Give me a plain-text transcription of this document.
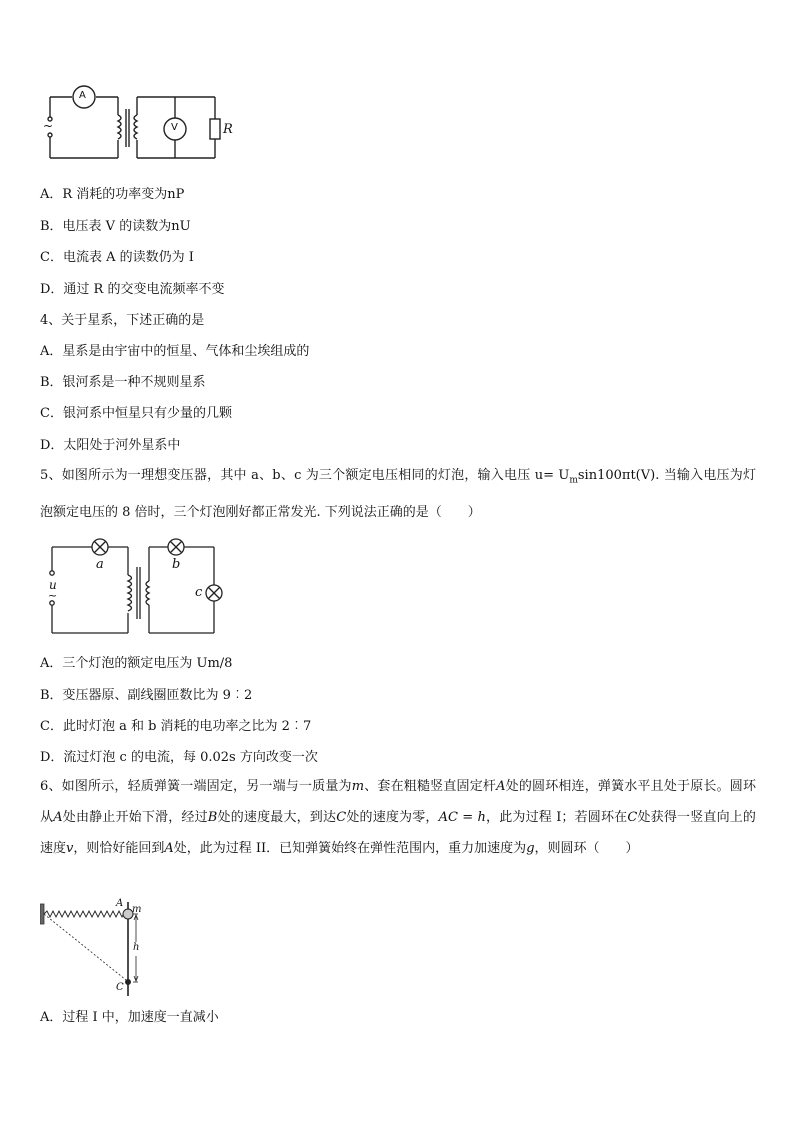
A
V	R
~
A．R 消耗的功率变为nP
B．电压表 V 的读数为nU
C．电流表 A 的读数仍为 I
D．通过 R 的交变电流频率不变
4、关于星系，下述正确的是
A．星系是由宇宙中的恒星、气体和尘埃组成的
B．银河系是一种不规则星系
C．银河系中恒星只有少量的几颗
D．太阳处于河外星系中
5、如图所示为一理想变压器，其中 a、b、c 为三个额定电压相同的灯泡，输入电压 $u= U_m\sin 100\pi t(V)$. 当输入电压为灯泡额定电压的 8 倍时，三个灯泡刚好都正常发光. 下列说法正确的是（　　）
a	b
c
u
~
A．三个灯泡的额定电压为 Um/8
B．变压器原、副线圈匝数比为 9︰2
C．此时灯泡 a 和 b 消耗的电功率之比为 2︰7
D．流过灯泡 c 的电流，每 0.02s 方向改变一次
6、如图所示，轻质弹簧一端固定，另一端与一质量为m、套在粗糙竖直固定杆A处的圆环相连，弹簧水平且处于原长。圆环从A处由静止开始下滑，经过B处的速度最大，到达C处的速度为零，AC = h，此为过程 I；若圆环在C处获得一竖直向上的速度v，则恰好能回到A处，此为过程 II．已知弹簧始终在弹性范围内，重力加速度为g，则圆环（　　）
A
m
h
C
A．过程 I 中，加速度一直减小
